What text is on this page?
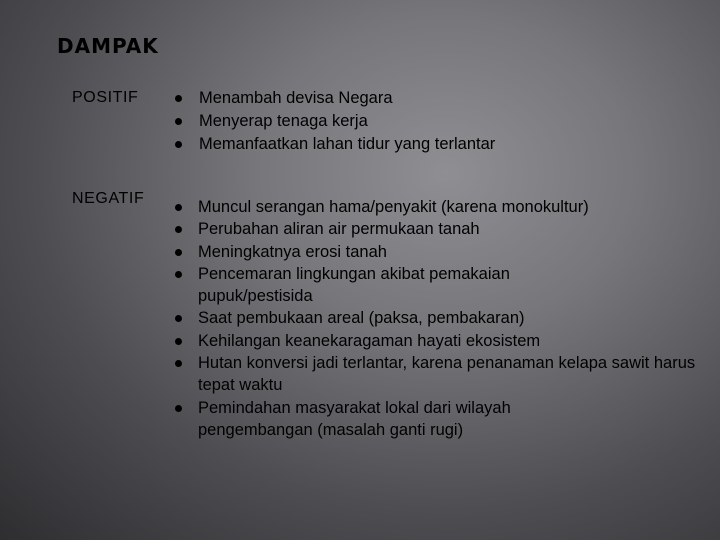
DAMPAK
POSITIF	Menambah devisa Negara
Menyerap tenaga kerja
Memanfaatkan lahan tidur yang terlantar
NEGATIF	Muncul serangan hama/penyakit (karena monokultur)
Perubahan aliran air permukaan tanah
Meningkatnya erosi tanah
Pencemaran lingkungan akibat pemakaian pupuk/pestisida
Saat pembukaan areal (paksa, pembakaran)
Kehilangan keanekaragaman hayati ekosistem
Hutan konversi jadi terlantar, karena penanaman kelapa sawit harus tepat waktu
Pemindahan masyarakat lokal dari wilayah pengembangan (masalah ganti rugi)
